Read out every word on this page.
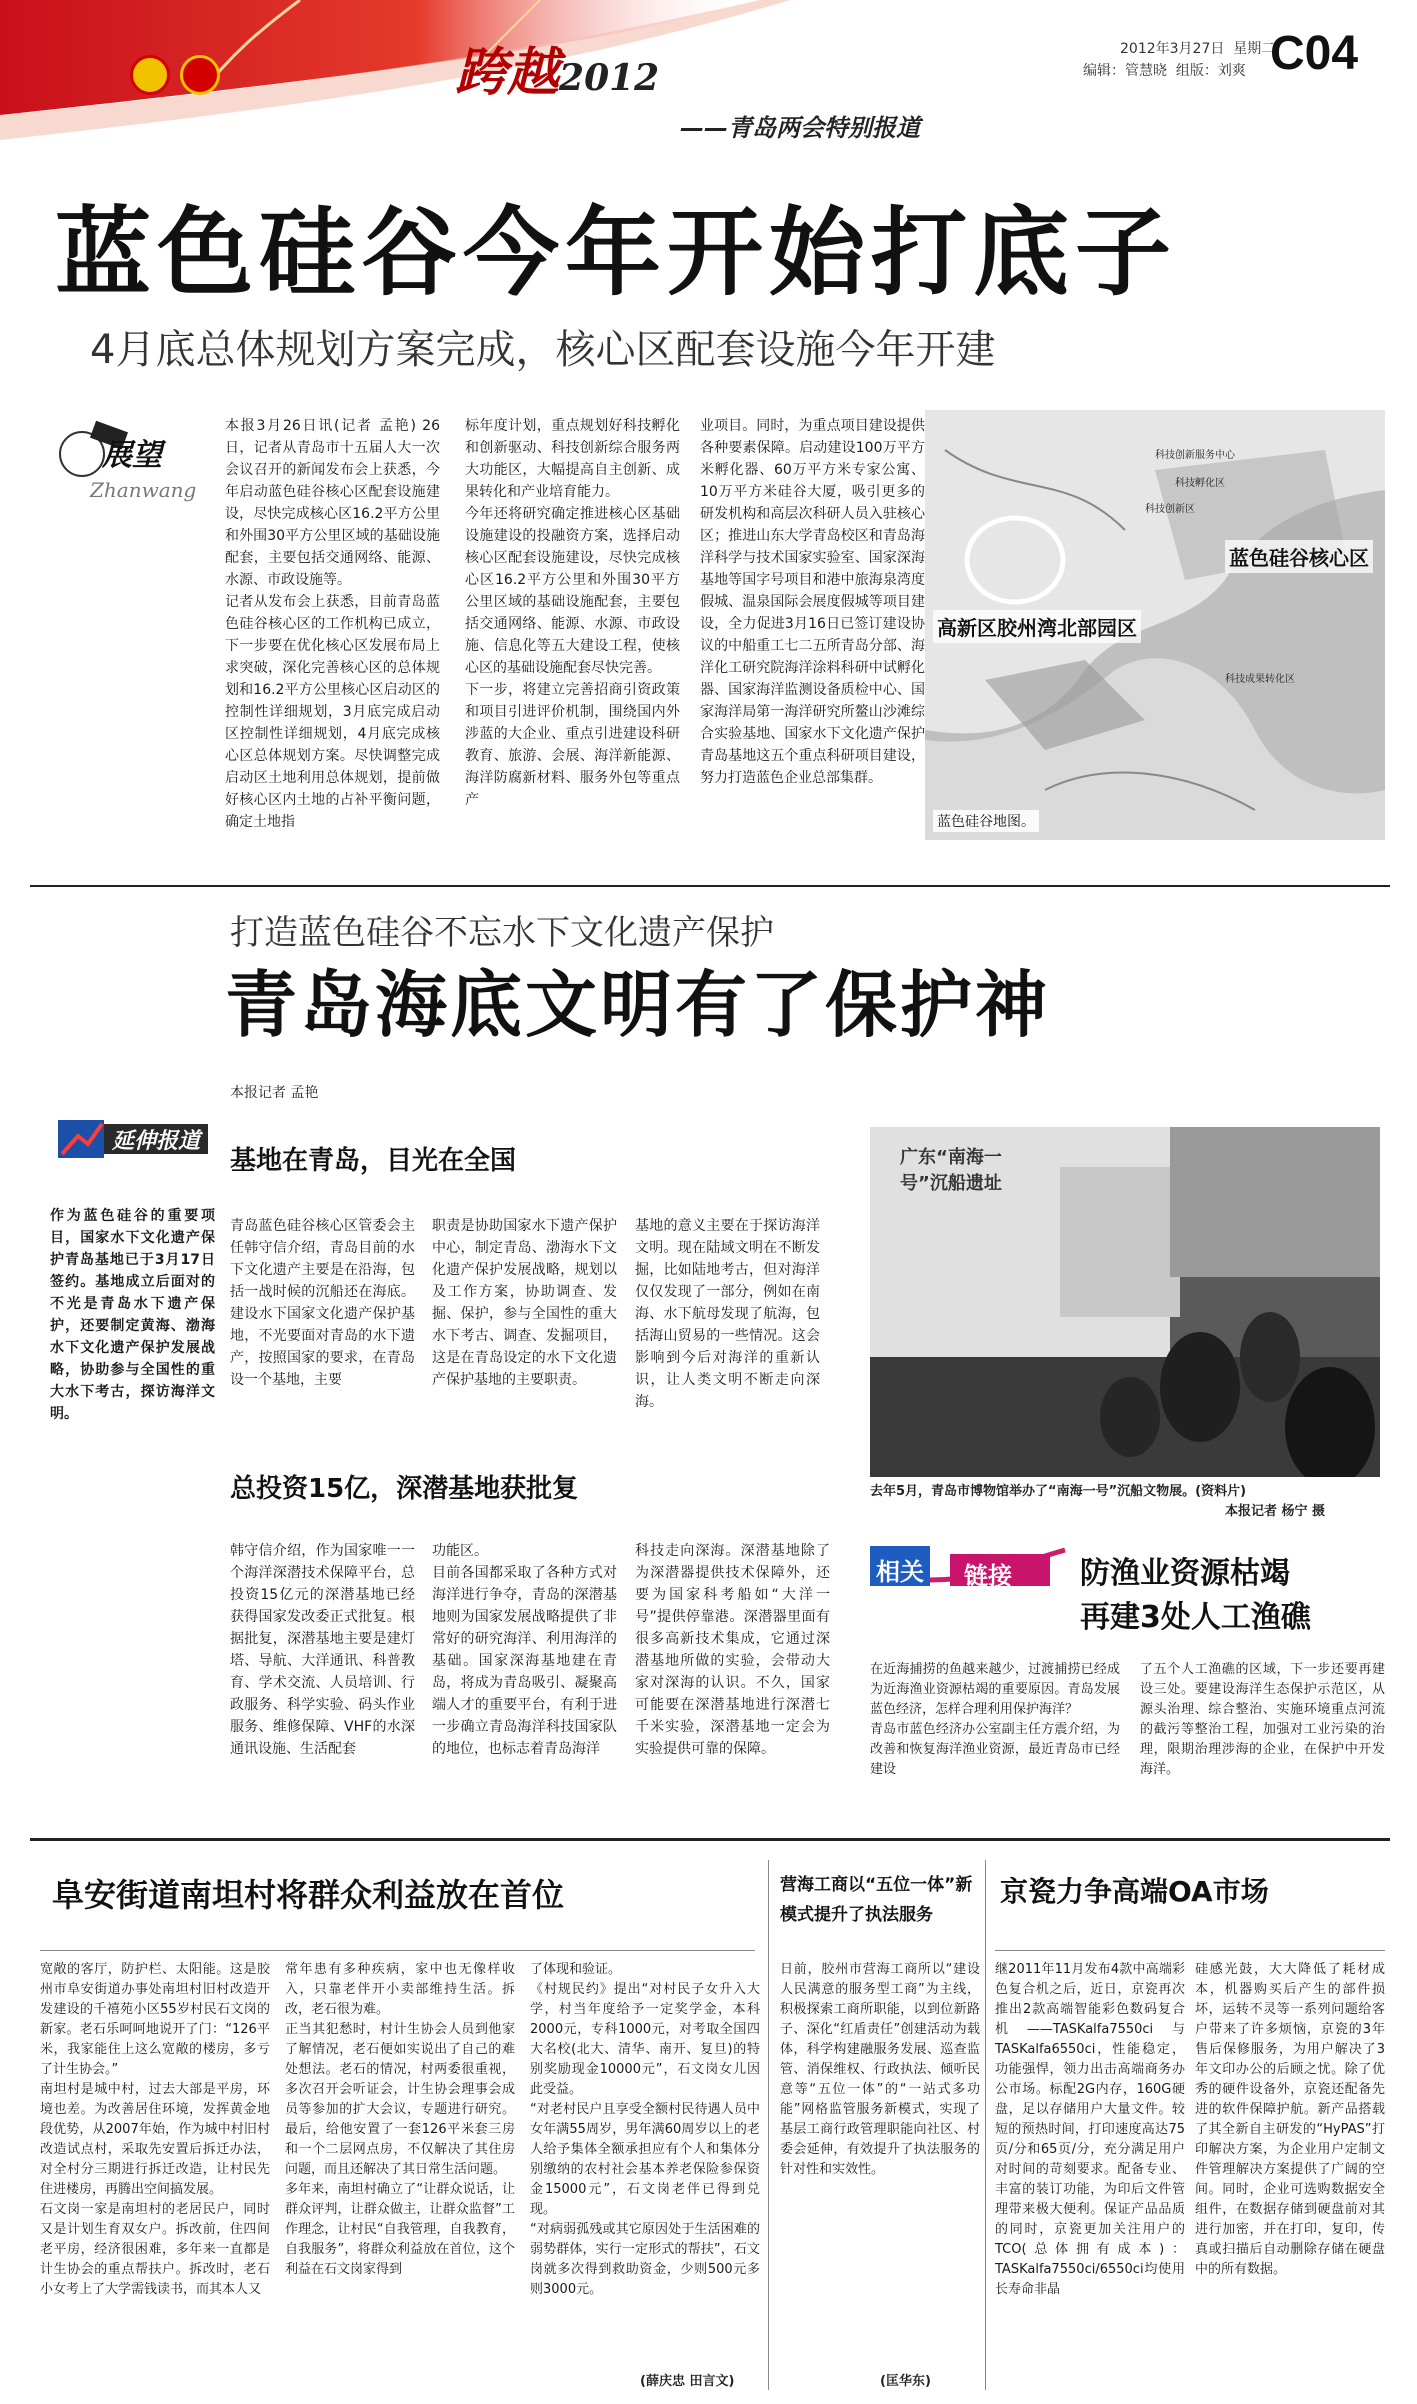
跨越2012
——青岛两会特别报道
2012年3月27日 星期二
编辑：管慧晓 组版：刘爽 C04
蓝色硅谷今年开始打底子
4月底总体规划方案完成，核心区配套设施今年开建
展望
Zhanwang
本报3月26日讯(记者 孟艳) 26日，记者从青岛市十五届人大一次会议召开的新闻发布会上获悉，今年启动蓝色硅谷核心区配套设施建设，尽快完成核心区16.2平方公里和外围30平方公里区域的基础设施配套，主要包括交通网络、能源、水源、市政设施等。
记者从发布会上获悉，目前青岛蓝色硅谷核心区的工作机构已成立，下一步要在优化核心区发展布局上求突破，深化完善核心区的总体规划和16.2平方公里核心区启动区的控制性详细规划，3月底完成启动区控制性详细规划，4月底完成核心区总体规划方案。尽快调整完成启动区土地利用总体规划，提前做好核心区内土地的占补平衡问题，确定土地指
标年度计划，重点规划好科技孵化和创新驱动、科技创新综合服务两大功能区，大幅提高自主创新、成果转化和产业培育能力。
今年还将研究确定推进核心区基础设施建设的投融资方案，选择启动核心区配套设施建设，尽快完成核心区16.2平方公里和外围30平方公里区域的基础设施配套，主要包括交通网络、能源、水源、市政设施、信息化等五大建设工程，使核心区的基础设施配套尽快完善。
下一步，将建立完善招商引资政策和项目引进评价机制，围绕国内外涉蓝的大企业、重点引进建设科研教育、旅游、会展、海洋新能源、海洋防腐新材料、服务外包等重点产
业项目。同时，为重点项目建设提供各种要素保障。启动建设100万平方米孵化器、60万平方米专家公寓、10万平方米硅谷大厦，吸引更多的研发机构和高层次科研人员入驻核心区；推进山东大学青岛校区和青岛海洋科学与技术国家实验室、国家深海基地等国字号项目和港中旅海泉湾度假城、温泉国际会展度假城等项目建设，全力促进3月16日已签订建设协议的中船重工七二五所青岛分部、海洋化工研究院海洋涂料科研中试孵化器、国家海洋监测设备质检中心、国家海洋局第一海洋研究所鳌山沙滩综合实验基地、国家水下文化遗产保护青岛基地这五个重点科研项目建设，努力打造蓝色企业总部集群。
蓝色硅谷核心区
高新区胶州湾北部园区
科技创新服务中心
科技创新区
科技孵化区
科技成果转化区
蓝色硅谷地图。
打造蓝色硅谷不忘水下文化遗产保护
青岛海底文明有了保护神
本报记者 孟艳
延伸报道
基地在青岛，目光在全国
作为蓝色硅谷的重要项目，国家水下文化遗产保护青岛基地已于3月17日签约。基地成立后面对的不光是青岛水下遗产保护，还要制定黄海、渤海水下文化遗产保护发展战略，协助参与全国性的重大水下考古，探访海洋文明。
青岛蓝色硅谷核心区管委会主任韩守信介绍，青岛目前的水下文化遗产主要是在沿海，包括一战时候的沉船还在海底。建设水下国家文化遗产保护基地，不光要面对青岛的水下遗产，按照国家的要求，在青岛设一个基地，主要
职责是协助国家水下遗产保护中心，制定青岛、渤海水下文化遗产保护发展战略，规划以及工作方案，协助调查、发掘、保护，参与全国性的重大水下考古、调查、发掘项目，这是在青岛设定的水下文化遗产保护基地的主要职责。
基地的意义主要在于探访海洋文明。现在陆域文明在不断发掘，比如陆地考古，但对海洋仅仅发现了一部分，例如在南海、水下航母发现了航海，包括海山贸易的一些情况。这会影响到今后对海洋的重新认识，让人类文明不断走向深海。
广东“南海一号”沉船遗址
去年5月，青岛市博物馆举办了“南海一号”沉船文物展。(资料片)
本报记者 杨宁 摄
总投资15亿，深潜基地获批复
韩守信介绍，作为国家唯一一个海洋深潜技术保障平台，总投资15亿元的深潜基地已经获得国家发改委正式批复。根据批复，深潜基地主要是建灯塔、导航、大洋通讯、科普教育、学术交流、人员培训、行政服务、科学实验、码头作业服务、维修保障、VHF的水深通讯设施、生活配套
功能区。
目前各国都采取了各种方式对海洋进行争夺，青岛的深潜基地则为国家发展战略提供了非常好的研究海洋、利用海洋的基础。国家深海基地建在青岛，将成为青岛吸引、凝聚高端人才的重要平台，有利于进一步确立青岛海洋科技国家队的地位，也标志着青岛海洋
科技走向深海。深潜基地除了为深潜器提供技术保障外，还要为国家科考船如“大洋一号”提供停靠港。深潜器里面有很多高新技术集成，它通过深潜基地所做的实验，会带动大家对深海的认识。不久，国家可能要在深潜基地进行深潜七千米实验，深潜基地一定会为实验提供可靠的保障。
相关 链接 防渔业资源枯竭
再建3处人工渔礁
在近海捕捞的鱼越来越少，过渡捕捞已经成为近海渔业资源枯竭的重要原因。青岛发展蓝色经济，怎样合理利用保护海洋？
青岛市蓝色经济办公室副主任方震介绍，为改善和恢复海洋渔业资源，最近青岛市已经建设
了五个人工渔礁的区域，下一步还要再建设三处。要建设海洋生态保护示范区，从源头治理、综合整治、实施环境重点河流的截污等整治工程，加强对工业污染的治理，限期治理涉海的企业，在保护中开发海洋。
阜安街道南坦村将群众利益放在首位
宽敞的客厅，防护栏、太阳能。这是胶州市阜安街道办事处南坦村旧村改造开发建设的千禧苑小区55岁村民石文岗的新家。老石乐呵呵地说开了门：“126平米，我家能住上这么宽敞的楼房，多亏了计生协会。”
南坦村是城中村，过去大部是平房，环境也差。为改善居住环境，发挥黄金地段优势，从2007年始，作为城中村旧村改造试点村，采取先安置后拆迁办法，对全村分三期进行拆迁改造，让村民先住进楼房，再腾出空间搞发展。
石文岗一家是南坦村的老居民户，同时又是计划生育双女户。拆改前，住四间老平房，经济很困难，多年来一直都是计生协会的重点帮扶户。拆改时，老石小女考上了大学需钱读书，而其本人又
常年患有多种疾病，家中也无像样收入，只靠老伴开小卖部维持生活。拆改，老石很为难。
正当其犯愁时，村计生协会人员到他家了解情况，老石便如实说出了自己的难处想法。老石的情况，村两委很重视，多次召开会听证会，计生协会理事会成员等参加的扩大会议，专题进行研究。最后，给他安置了一套126平米套三房和一个二层网点房，不仅解决了其住房问题，而且还解决了其日常生活问题。
多年来，南坦村确立了“让群众说话，让群众评判，让群众做主，让群众监督”工作理念，让村民“自我管理，自我教育，自我服务”，将群众利益放在首位，这个利益在石文岗家得到
了体现和验证。
《村规民约》提出“对村民子女升入大学，村当年度给予一定奖学金，本科2000元，专科1000元，对考取全国四大名校(北大、清华、南开、复旦)的特别奖励现金10000元”，石文岗女儿因此受益。
“对老村民户且享受全额村民待遇人员中女年满55周岁，男年满60周岁以上的老人给予集体全额承担应有个人和集体分别缴纳的农村社会基本养老保险参保资金15000元”，石文岗老伴已得到兑现。
“对病弱孤残或其它原因处于生活困难的弱势群体，实行一定形式的帮扶”，石文岗就多次得到救助资金，少则500元多则3000元。
(薛庆忠 田言文)
营海工商以“五位一体”新模式提升了执法服务
日前，胶州市营海工商所以“建设人民满意的服务型工商”为主线，积极探索工商所职能，以到位新路子、深化“红盾责任”创建活动为载体，科学构建融服务发展、巡查监管、消保维权、行政执法、倾听民意等“五位一体”的“一站式多功能”网格监管服务新模式，实现了基层工商行政管理职能向社区、村委会延伸，有效提升了执法服务的针对性和实效性。
(匡华东)
京瓷力争高端OA市场
继2011年11月发布4款中高端彩色复合机之后，近日，京瓷再次推出2款高端智能彩色数码复合机——TASKalfa7550ci与TASKalfa6550ci，性能稳定，功能强悍，领力出击高端商务办公市场。标配2G内存，160G硬盘，足以存储用户大量文件。较短的预热时间，打印速度高达75页/分和65页/分，充分满足用户对时间的苛刻要求。配备专业、丰富的装订功能，为印后文件管理带来极大便利。保证产品品质的同时，京瓷更加关注用户的TCO(总体拥有成本)：TASKalfa7550ci/6550ci均使用长寿命非晶
硅感光鼓，大大降低了耗材成本，机器购买后产生的部件损坏，运转不灵等一系列问题给客户带来了许多烦恼，京瓷的3年售后保修服务，为用户解决了3年文印办公的后顾之忧。除了优秀的硬件设备外，京瓷还配备先进的软件保障护航。新产品搭载了其全新自主研发的“HyPAS”打印解决方案，为企业用户定制文件管理解决方案提供了广阔的空间。同时，企业可选购数据安全组件，在数据存储到硬盘前对其进行加密，并在打印，复印，传真或扫描后自动删除存储在硬盘中的所有数据。
